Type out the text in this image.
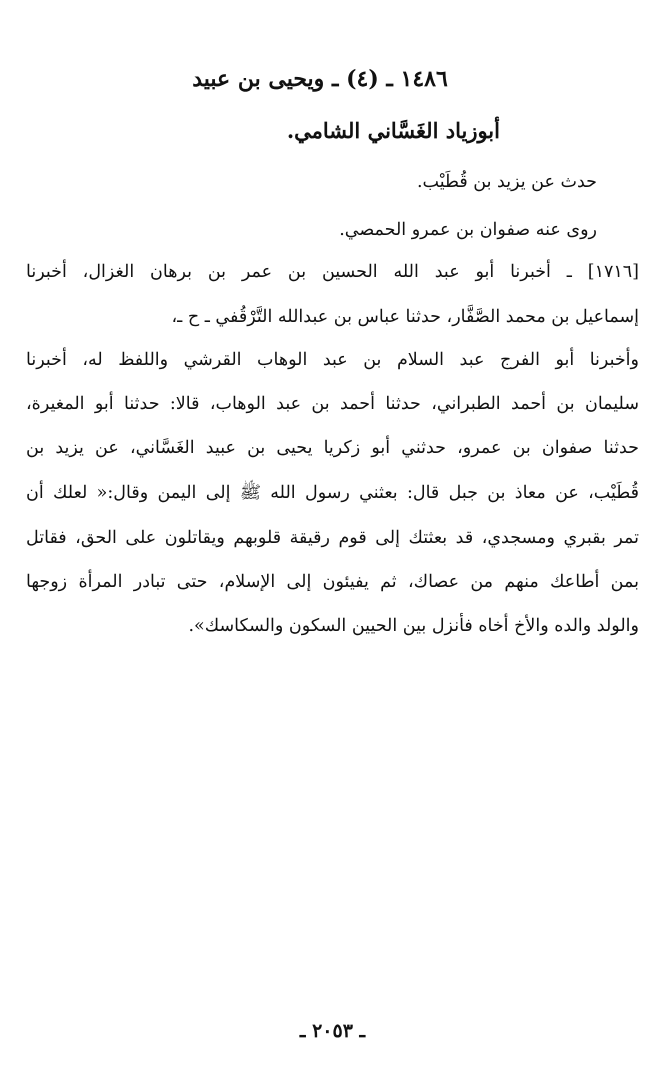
١٤٨٦ ـ (٤) ـ ويحيى بن عبيد
أبوزياد الغَسَّاني الشامي.
حدث عن يزيد بن قُطَيْب.
روى عنه صفوان بن عمرو الحمصي.
[١٧١٦] ـ أخبرنا أبو عبد الله الحسين بن عمر بن برهان الغزال، أخبرنا
إسماعيل بن محمد الصَّفَّار، حدثنا عباس بن عبدالله التَّرْقُفي ـ ح ـ،
وأخبرنا أبو الفرج عبد السلام بن عبد الوهاب القرشي واللفظ له، أخبرنا
سليمان بن أحمد الطبراني، حدثنا أحمد بن عبد الوهاب، قالا: حدثنا أبو المغيرة،
حدثنا صفوان بن عمرو، حدثني أبو زكريا يحيى بن عبيد الغَسَّاني، عن يزيد بن
قُطَيْب، عن معاذ بن جبل قال: بعثني رسول الله ﷺ إلى اليمن وقال:« لعلك أن
تمر بقبري ومسجدي، قد بعثتك إلى قوم رقيقة قلوبهم ويقاتلون على الحق، فقاتل
بمن أطاعك منهم من عصاك، ثم يفيئون إلى الإسلام، حتى تبادر المرأة زوجها
والولد والده والأخ أخاه فأنزل بين الحيين السكون والسكاسك».
ـ ٢٠٥٣ ـ
